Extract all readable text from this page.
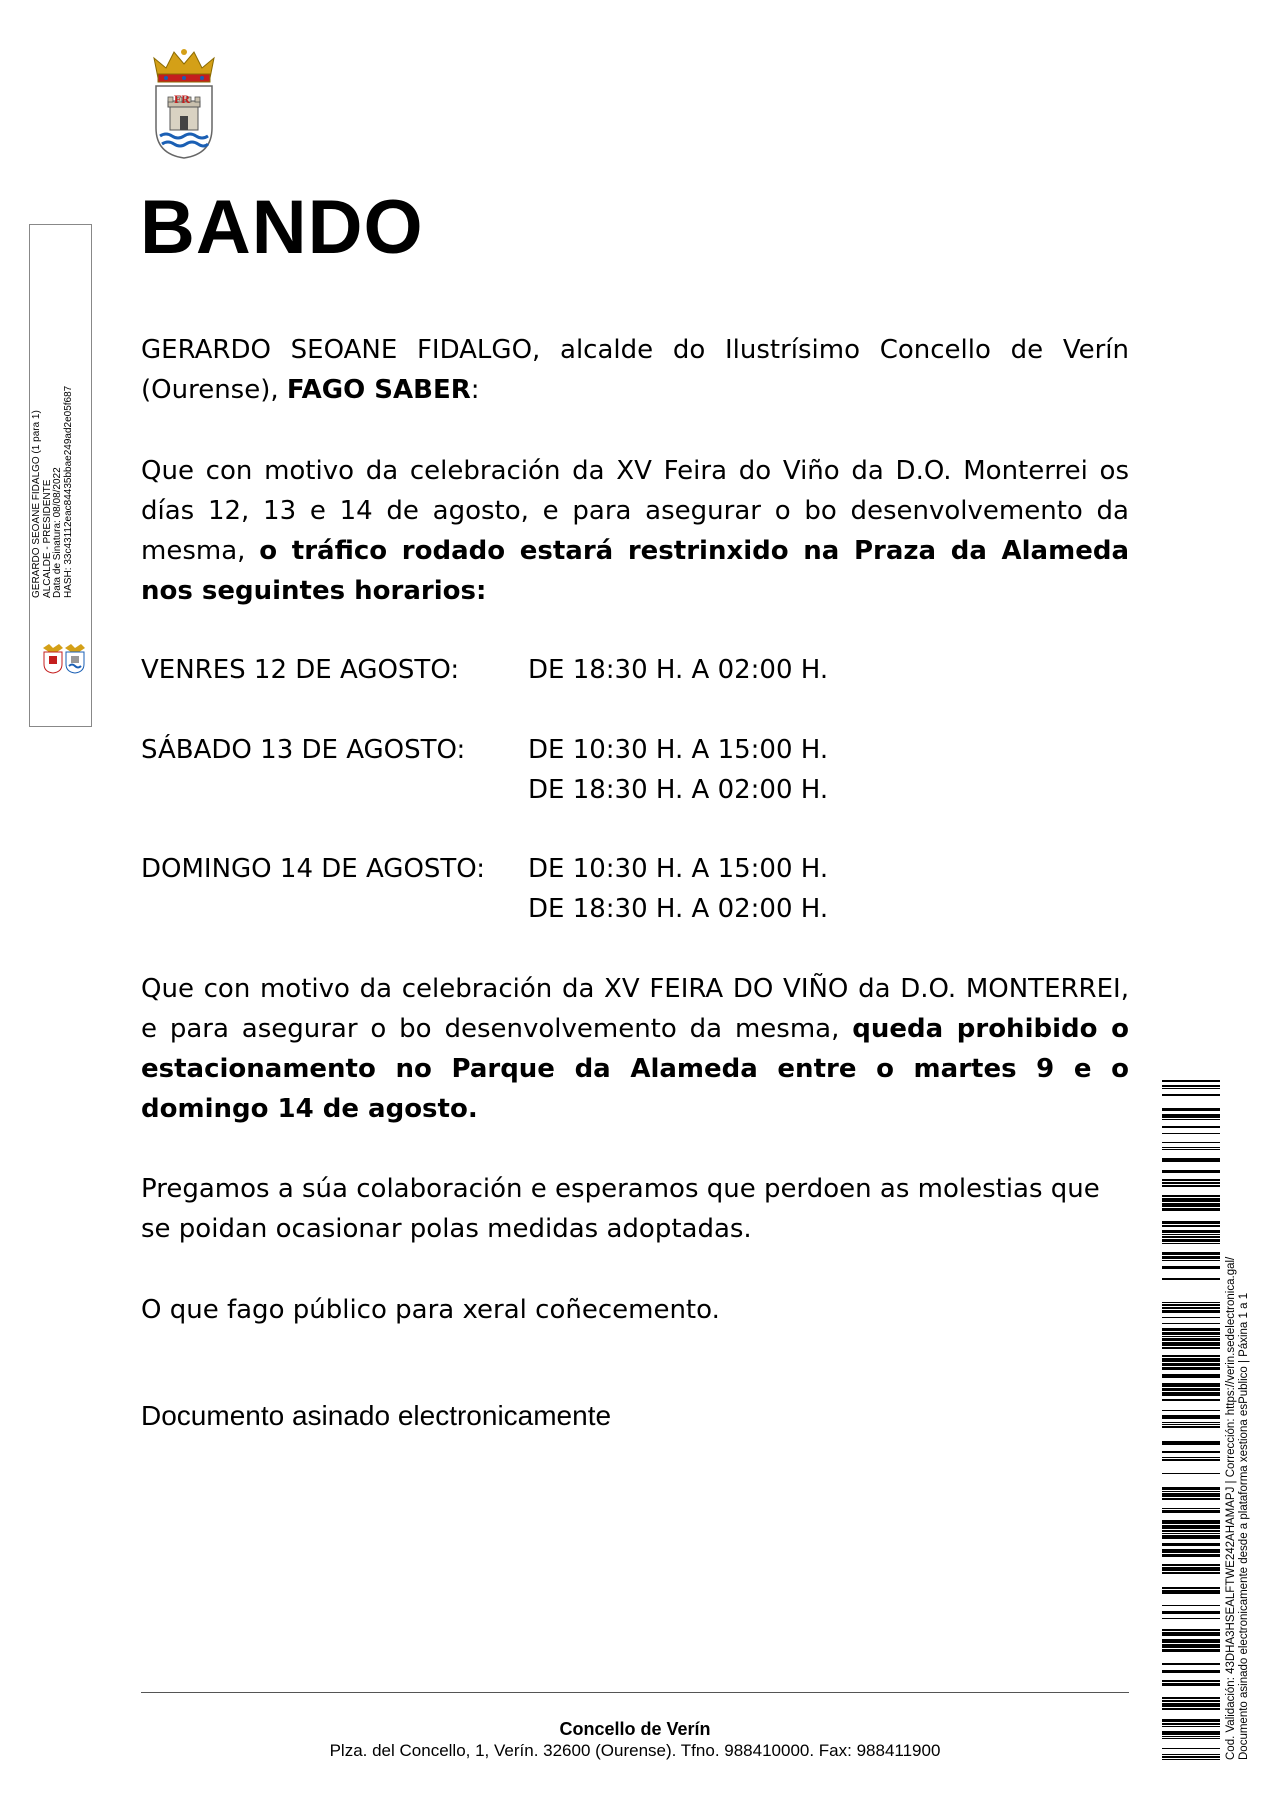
FR
BANDO

GERARDO SEOANE FIDALGO, alcalde do Ilustrísimo Concello de Verín (Ourense), FAGO SABER:

Que con motivo da celebración da XV Feira do Viño da D.O. Monterrei os días 12, 13 e 14 de agosto, e para asegurar o bo desenvolvemento da mesma, o tráfico rodado estará restrinxido na Praza da Alameda nos seguintes horarios:

VENRES 12 DE AGOSTO:	DE 18:30 H. A 02:00 H.
SÁBADO 13 DE AGOSTO: DE 10:30 H. A 15:00 H.
DE 18:30 H. A 02:00 H.
DOMINGO 14 DE AGOSTO: DE 10:30 H. A 15:00 H.
DE 18:30 H. A 02:00 H.

Que con motivo da celebración da XV FEIRA DO VIÑO da D.O. MONTERREI, e para asegurar o bo desenvolvemento da mesma, queda prohibido o estacionamento no Parque da Alameda entre o martes 9 e o domingo 14 de agosto.

Pregamos a súa colaboración e esperamos que perdoen as molestias que se poidan ocasionar polas medidas adoptadas.

O que fago público para xeral coñecemento.

Documento asinado electronicamente

GERARDO SEOANE FIDALGO (1 para 1) ALCALDE - PRESIDENTE Data de Sinatura: 08/08/2022 HASH: 33c43112eac84435bbae249ad2e05f687
Cod. Validación: 43DHA3HSEALFTWE242AHAMAPJ | Corrección: https://verin.sedelectronica.gal/ Documento asinado electronicamente desde a plataforma xestiona esPublico | Páxina 1 a 1

Concello de Verín

Plza. del Concello, 1, Verín. 32600 (Ourense). Tfno. 988410000. Fax: 988411900
